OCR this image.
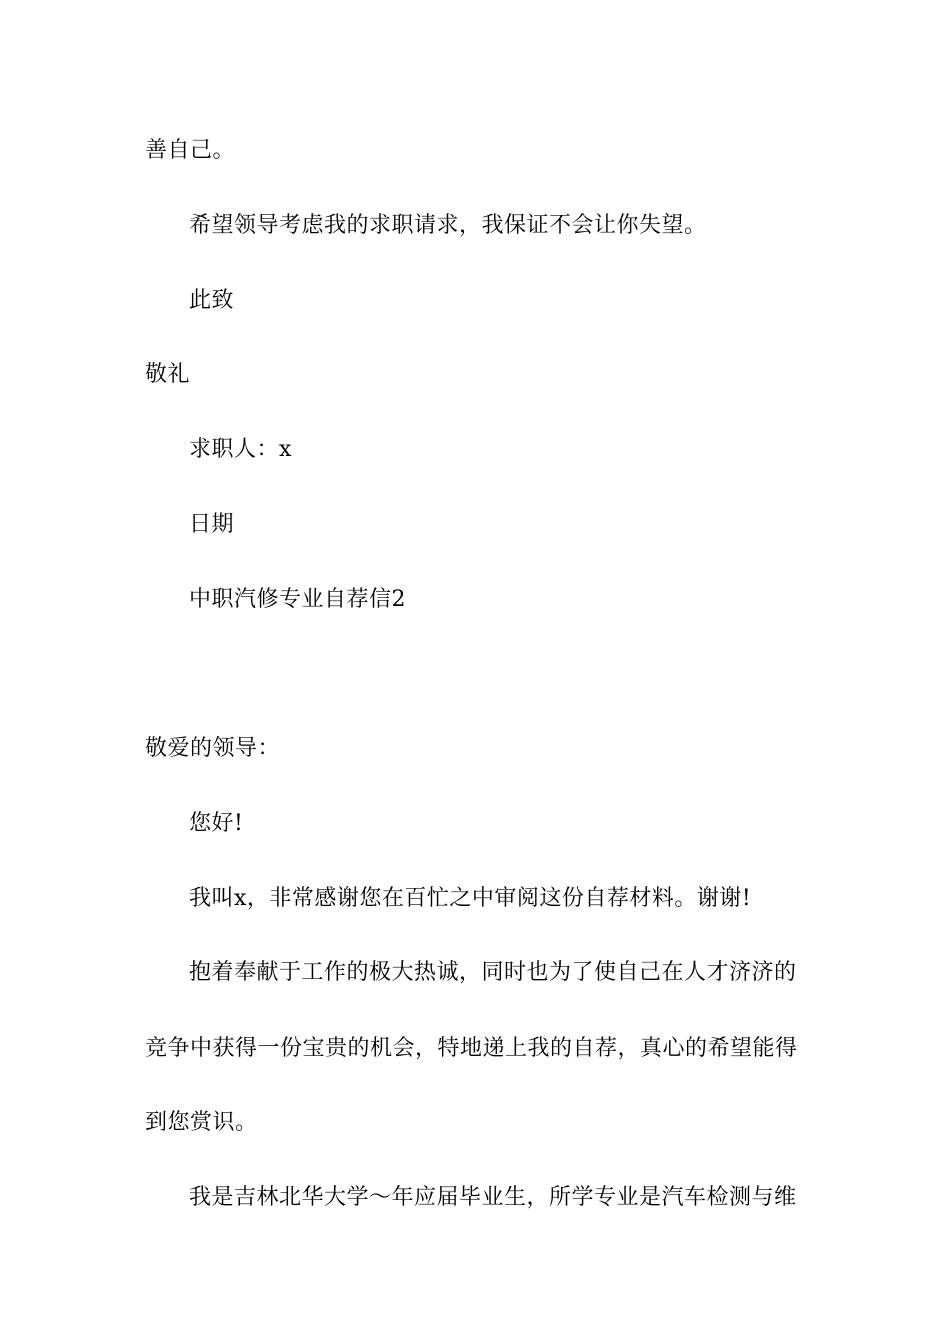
善自己。
希望领导考虑我的求职请求，我保证不会让你失望。
此致
敬礼
求职人：x
日期
中职汽修专业自荐信2
敬爱的领导：
您好!
我叫x，非常感谢您在百忙之中审阅这份自荐材料。谢谢!
抱着奉献于工作的极大热诚，同时也为了使自己在人才济济的
竞争中获得一份宝贵的机会，特地递上我的自荐，真心的希望能得
到您赏识。
我是吉林北华大学～年应届毕业生，所学专业是汽车检测与维
